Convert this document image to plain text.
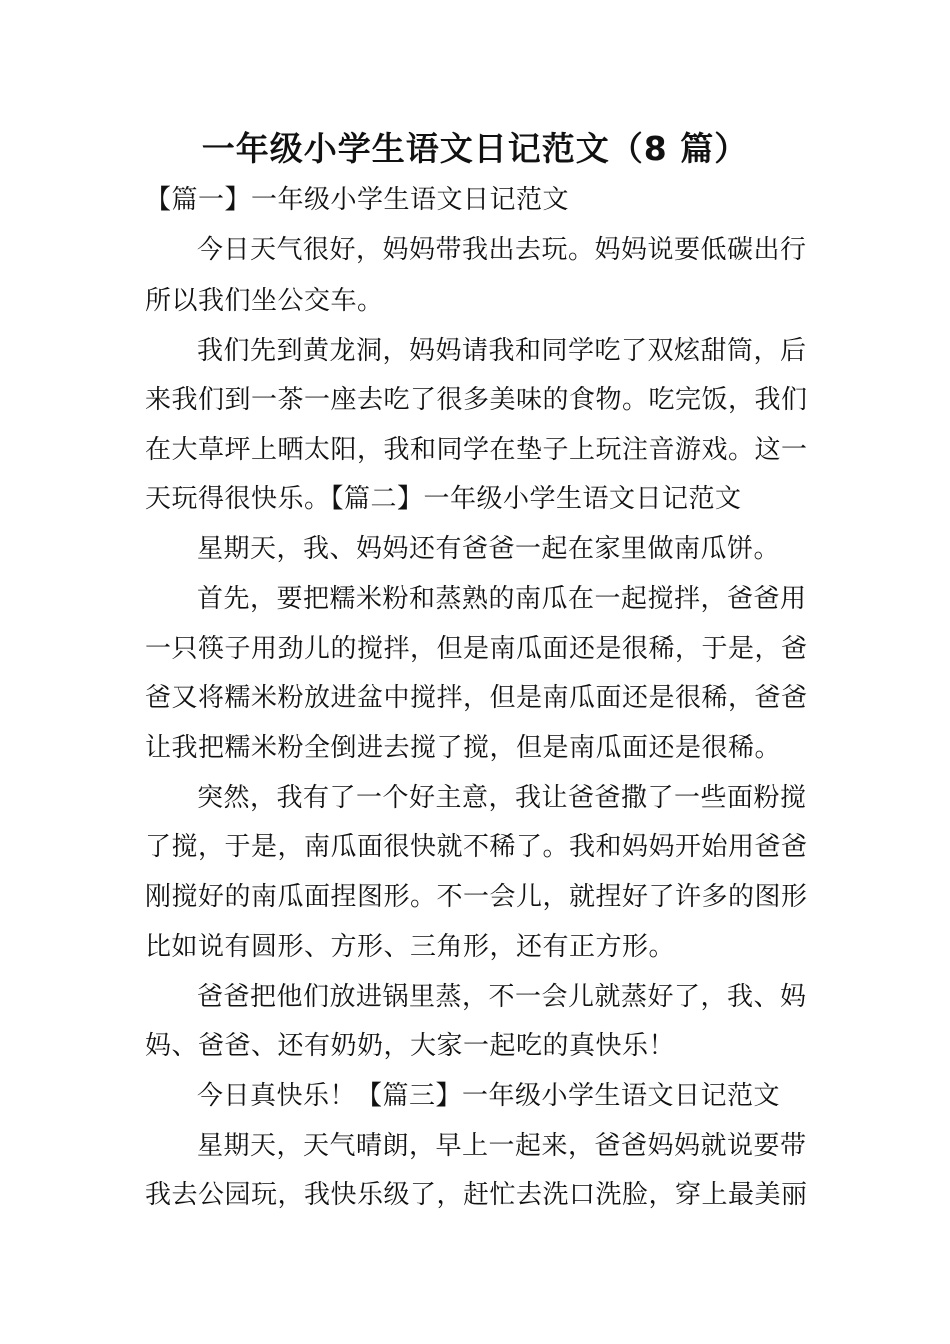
一年级小学生语文日记范文（8 篇）
【篇一】一年级小学生语文日记范文
今日天气很好，妈妈带我出去玩。妈妈说要低碳出行
所以我们坐公交车。
我们先到黄龙洞，妈妈请我和同学吃了双炫甜筒，后
来我们到一茶一座去吃了很多美味的食物。吃完饭，我们
在大草坪上晒太阳，我和同学在垫子上玩注音游戏。这一
天玩得很快乐。【篇二】一年级小学生语文日记范文
星期天，我、妈妈还有爸爸一起在家里做南瓜饼。
首先，要把糯米粉和蒸熟的南瓜在一起搅拌，爸爸用
一只筷子用劲儿的搅拌，但是南瓜面还是很稀，于是，爸
爸又将糯米粉放进盆中搅拌，但是南瓜面还是很稀，爸爸
让我把糯米粉全倒进去搅了搅，但是南瓜面还是很稀。
突然，我有了一个好主意，我让爸爸撒了一些面粉搅
了搅，于是，南瓜面很快就不稀了。我和妈妈开始用爸爸
刚搅好的南瓜面捏图形。不一会儿，就捏好了许多的图形
比如说有圆形、方形、三角形，还有正方形。
爸爸把他们放进锅里蒸，不一会儿就蒸好了，我、妈
妈、爸爸、还有奶奶，大家一起吃的真快乐！
今日真快乐！【篇三】一年级小学生语文日记范文
星期天，天气晴朗，早上一起来，爸爸妈妈就说要带
我去公园玩，我快乐级了，赶忙去洗口洗脸，穿上最美丽
